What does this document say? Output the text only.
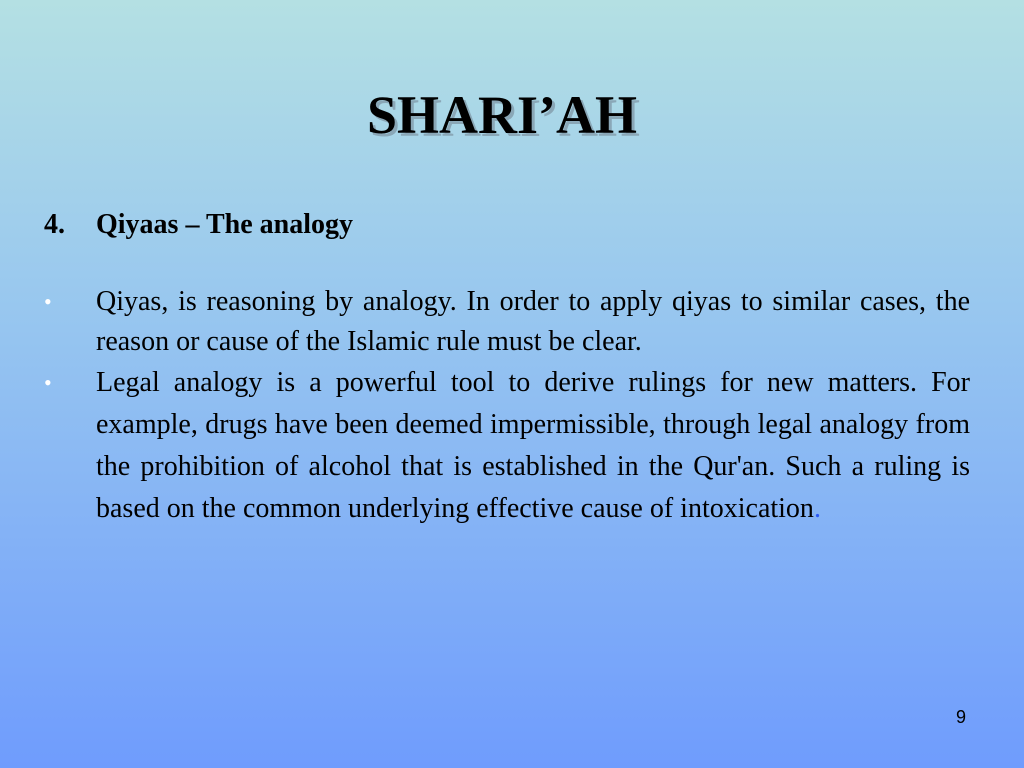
SHARI’AH
4. Qiyaas – The analogy
• Qiyas, is reasoning by analogy. In order to apply qiyas to similar cases, the reason or cause of the Islamic rule must be clear.
• Legal analogy is a powerful tool to derive rulings for new matters. For example, drugs have been deemed impermissible, through legal analogy from the prohibition of alcohol that is established in the Qur'an. Such a ruling is based on the common underlying effective cause of intoxication.
9
